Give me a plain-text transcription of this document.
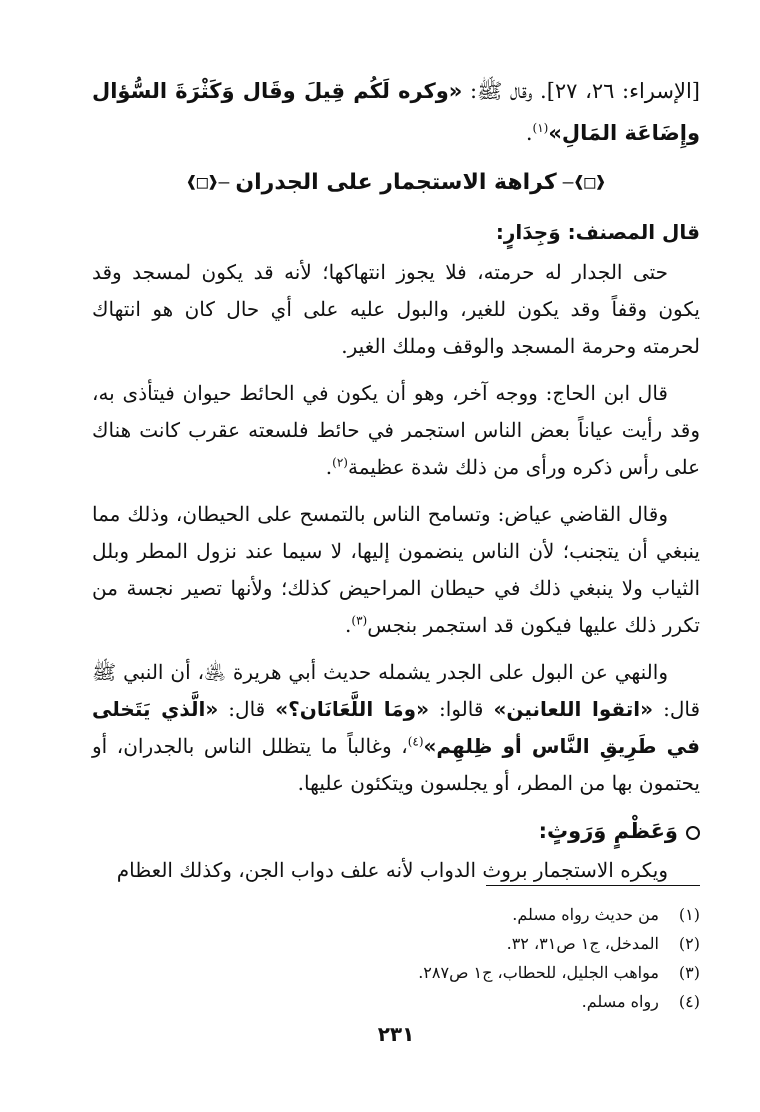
[الإسراء: ٢٦، ٢٧]. وقال ﷺ: «وكره لَكُم قِيلَ وقَال وَكَثْرَةَ السُّؤال وإِضَاعَة المَالِ»$^{(١)}$.

—❰□❱
كراهة الاستجمار على الجدران
❰□❱—

قال المصنف: وَجِدَارٍ:

حتى الجدار له حرمته، فلا يجوز انتهاكها؛ لأنه قد يكون لمسجد وقد يكون وقفاً وقد يكون للغير، والبول عليه على أي حال كان هو انتهاك لحرمته وحرمة المسجد والوقف وملك الغير.

قال ابن الحاج: ووجه آخر، وهو أن يكون في الحائط حيوان فيتأذى به، وقد رأيت عياناً بعض الناس استجمر في حائط فلسعته عقرب كانت هناك على رأس ذكره ورأى من ذلك شدة عظيمة$^{(٢)}$.

وقال القاضي عياض: وتسامح الناس بالتمسح على الحيطان، وذلك مما ينبغي أن يتجنب؛ لأن الناس ينضمون إليها، لا سيما عند نزول المطر وبلل الثياب ولا ينبغي ذلك في حيطان المراحيض كذلك؛ ولأنها تصير نجسة من تكرر ذلك عليها فيكون قد استجمر بنجس$^{(٣)}$.

والنهي عن البول على الجدر يشمله حديث أبي هريرة ﵁، أن النبي ﷺ قال: «اتقوا اللعانين» قالوا: «ومَا اللَّعَانَان؟» قال: «الَّذي يَتَخلى في طَرِيقِ النَّاس أو ظِلهِم»$^{(٤)}$، وغالباً ما يتظلل الناس بالجدران، أو يحتمون بها من المطر، أو يجلسون ويتكئون عليها.

وَعَظْمٍ وَرَوثٍ:

ويكره الاستجمار بروث الدواب لأنه علف دواب الجن، وكذلك العظام

(١) من حديث رواه مسلم.
(٢) المدخل، ج١ ص٣١، ٣٢.
(٣) مواهب الجليل، للحطاب، ج١ ص٢٨٧.
(٤) رواه مسلم.
٢٣١
